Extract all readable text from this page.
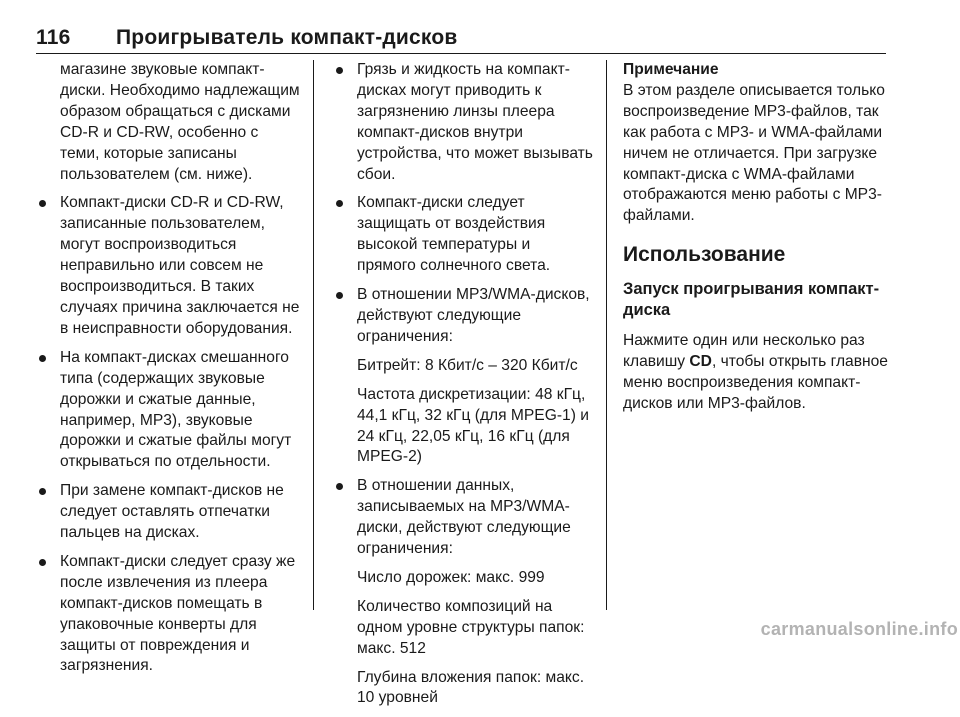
116 Проигрыватель компакт-дисков

магазине звуковые компакт-диски. Необходимо надлежащим образом обращаться с дисками CD-R и CD-RW, особенно с теми, которые записаны пользователем (см. ниже).

Компакт-диски CD-R и CD-RW, записанные пользователем, могут воспроизводиться неправильно или совсем не воспроизводиться. В таких случаях причина заключается не в неисправности оборудования.
На компакт-дисках смешанного типа (содержащих звуковые дорожки и сжатые данные, например, MP3), звуковые дорожки и сжатые файлы могут открываться по отдельности.
При замене компакт-дисков не следует оставлять отпечатки пальцев на дисках.
Компакт-диски следует сразу же после извлечения из плеера компакт-дисков помещать в упаковочные конверты для защиты от повреждения и загрязнения.
Грязь и жидкость на компакт-дисках могут приводить к загрязнению линзы плеера компакт-дисков внутри устройства, что может вызывать сбои.
Компакт-диски следует защищать от воздействия высокой температуры и прямого солнечного света.
В отношении MP3/WMA-дисков, действуют следующие ограничения:
Битрейт: 8 Кбит/с – 320 Кбит/с
Частота дискретизации: 48 кГц, 44,1 кГц, 32 кГц (для MPEG-1) и 24 кГц, 22,05 кГц, 16 кГц (для MPEG-2)
В отношении данных, записываемых на MP3/WMA-диски, действуют следующие ограничения:
Число дорожек: макс. 999
Количество композиций на одном уровне структуры папок: макс. 512
Глубина вложения папок: макс. 10 уровней
Примечание
В этом разделе описывается только воспроизведение MP3-файлов, так как работа с MP3- и WMA-файлами ничем не отличается. При загрузке компакт-диска с WMA-файлами отображаются меню работы с MP3-файлами.
Использование
Запуск проигрывания компакт-диска
Нажмите один или несколько раз клавишу CD, чтобы открыть главное меню воспроизведения компакт-дисков или MP3-файлов.
carmanualsonline.info
